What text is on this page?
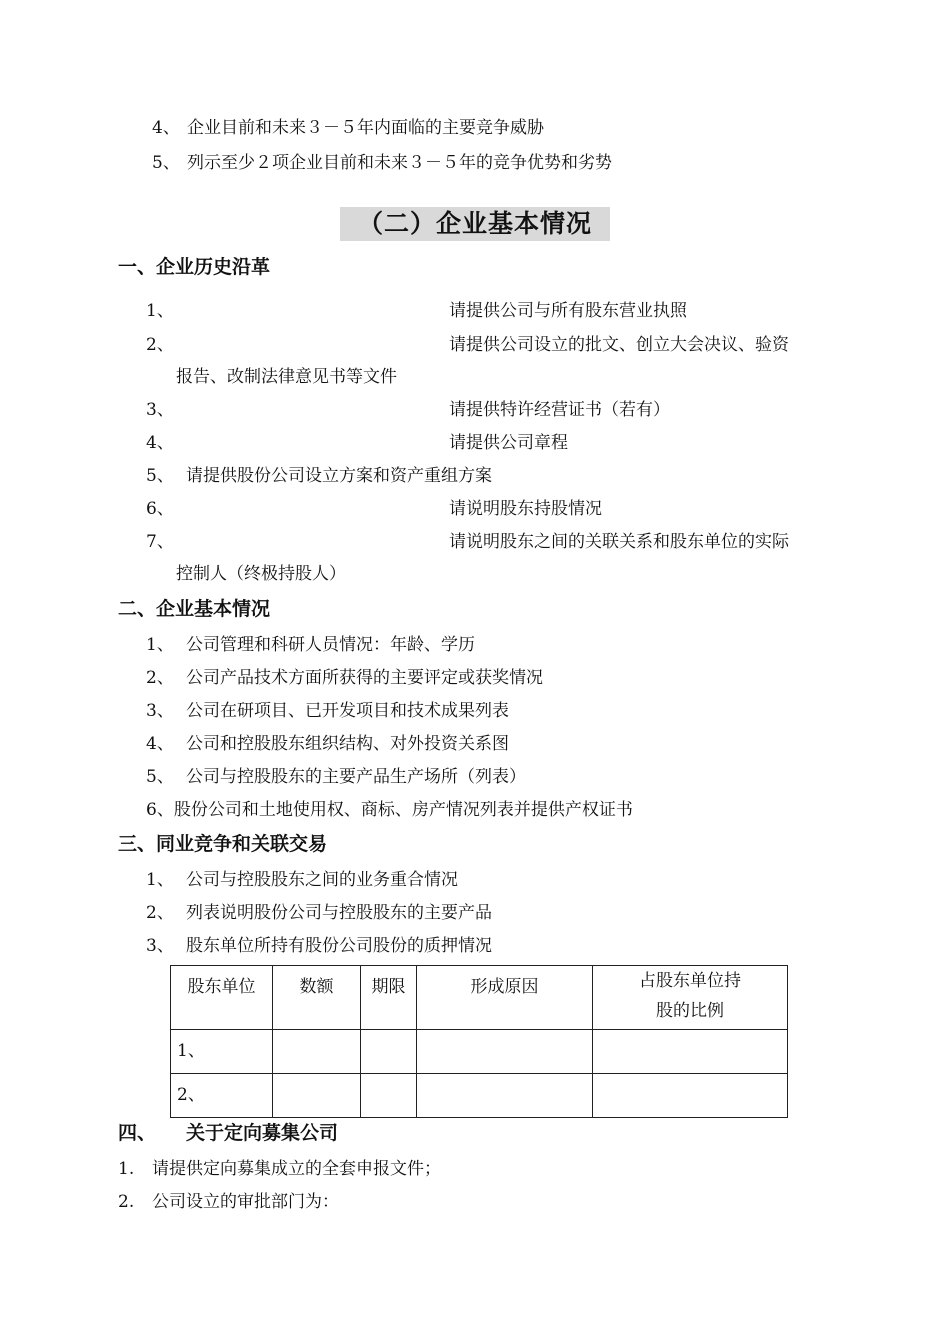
4、 企业目前和未来３－５年内面临的主要竞争威胁
5、 列示至少２项企业目前和未来３－５年的竞争优势和劣势
（二）企业基本情况
一、企业历史沿革
1、	请提供公司与所有股东营业执照
2、	请提供公司设立的批文、创立大会决议、验资
报告、改制法律意见书等文件
3、	请提供特许经营证书（若有）
4、	请提供公司章程
5、 请提供股份公司设立方案和资产重组方案
6、	请说明股东持股情况
7、	请说明股东之间的关联关系和股东单位的实际
控制人（终极持股人）
二、企业基本情况
1、 公司管理和科研人员情况：年龄、学历
2、 公司产品技术方面所获得的主要评定或获奖情况
3、 公司在研项目、已开发项目和技术成果列表
4、 公司和控股股东组织结构、对外投资关系图
5、 公司与控股股东的主要产品生产场所（列表）
6、股份公司和土地使用权、商标、房产情况列表并提供产权证书
三、同业竞争和关联交易
1、 公司与控股股东之间的业务重合情况
2、 列表说明股份公司与控股股东的主要产品
3、 股东单位所持有股份公司股份的质押情况
股东单位	数额	期限	形成原因	占股东单位持
股的比例

1、				
2、				
四、 关于定向募集公司
1. 请提供定向募集成立的全套申报文件；
2. 公司设立的审批部门为：
